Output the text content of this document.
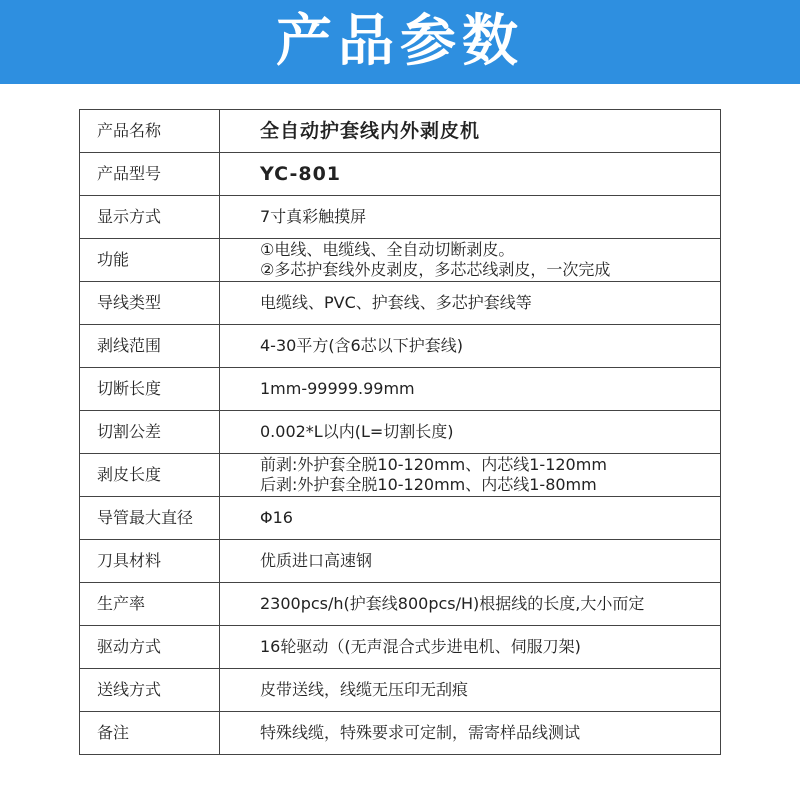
产品参数
产品名称	全自动护套线内外剥皮机
产品型号	YC-801
显示方式	7寸真彩触摸屏
功能	①电线、电缆线、全自动切断剥皮。
②多芯护套线外皮剥皮，多芯芯线剥皮，一次完成

导线类型	电缆线、PVC、护套线、多芯护套线等
剥线范围	4-30平方(含6芯以下护套线)
切断长度	1mm-99999.99mm
切割公差	0.002*L以内(L=切割长度)
剥皮长度	前剥:外护套全脱10-120mm、内芯线1-120mm
后剥:外护套全脱10-120mm、内芯线1-80mm

导管最大直径	Φ16
刀具材料	优质进口高速钢
生产率	2300pcs/h(护套线800pcs/H)根据线的长度,大小而定
驱动方式	16轮驱动（(无声混合式步进电机、伺服刀架)
送线方式	皮带送线，线缆无压印无刮痕
备注	特殊线缆，特殊要求可定制，需寄样品线测试
